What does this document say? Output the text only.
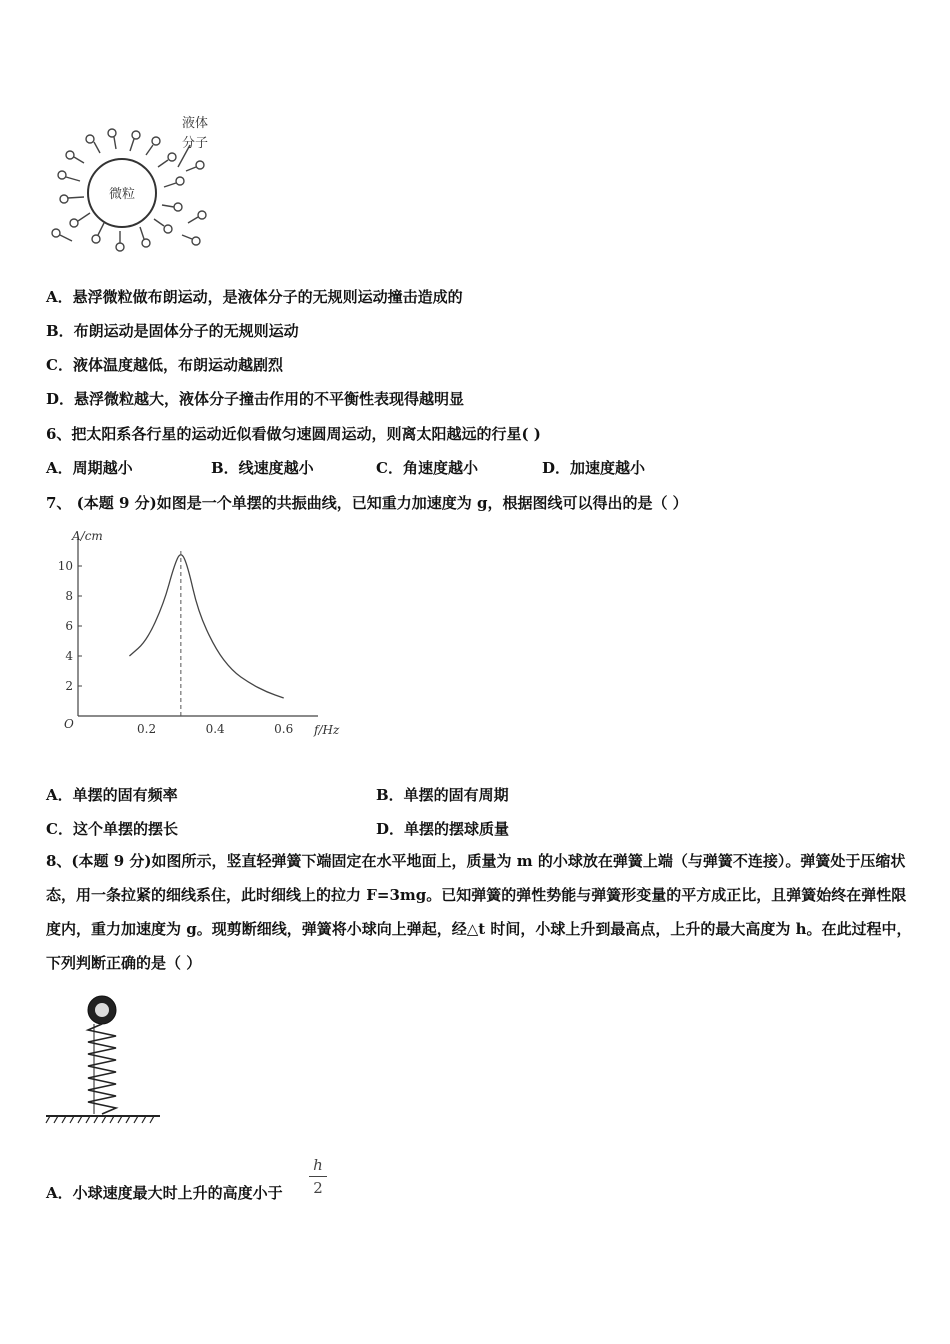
微粒
液体
分子
A．悬浮微粒做布朗运动，是液体分子的无规则运动撞击造成的
B．布朗运动是固体分子的无规则运动
C．液体温度越低，布朗运动越剧烈
D．悬浮微粒越大，液体分子撞击作用的不平衡性表现得越明显
6、把太阳系各行星的运动近似看做匀速圆周运动，则离太阳越远的行星( )
A．周期越小	B．线速度越小	C．角速度越小	D．加速度越小
7、 (本题 9 分)如图是一个单摆的共振曲线，已知重力加速度为 g，根据图线可以得出的是（ ）
0.2	0.4	0.6
2
4
6
8
10
A/cm
f/Hz
O
A．单摆的固有频率	B．单摆的固有周期
C．这个单摆的摆长	D．单摆的摆球质量
8、(本题 9 分)如图所示，竖直轻弹簧下端固定在水平地面上，质量为 m 的小球放在弹簧上端（与弹簧不连接）。弹簧处于压缩状态，用一条拉紧的细线系住，此时细线上的拉力 F=3mg。已知弹簧的弹性势能与弹簧形变量的平方成正比，且弹簧始终在弹性限度内，重力加速度为 g。现剪断细线，弹簧将小球向上弹起，经△t 时间，小球上升到最高点，上升的最大高度为 h。在此过程中，下列判断正确的是（ ）
A．小球速度最大时上升的高度小于
h
2
